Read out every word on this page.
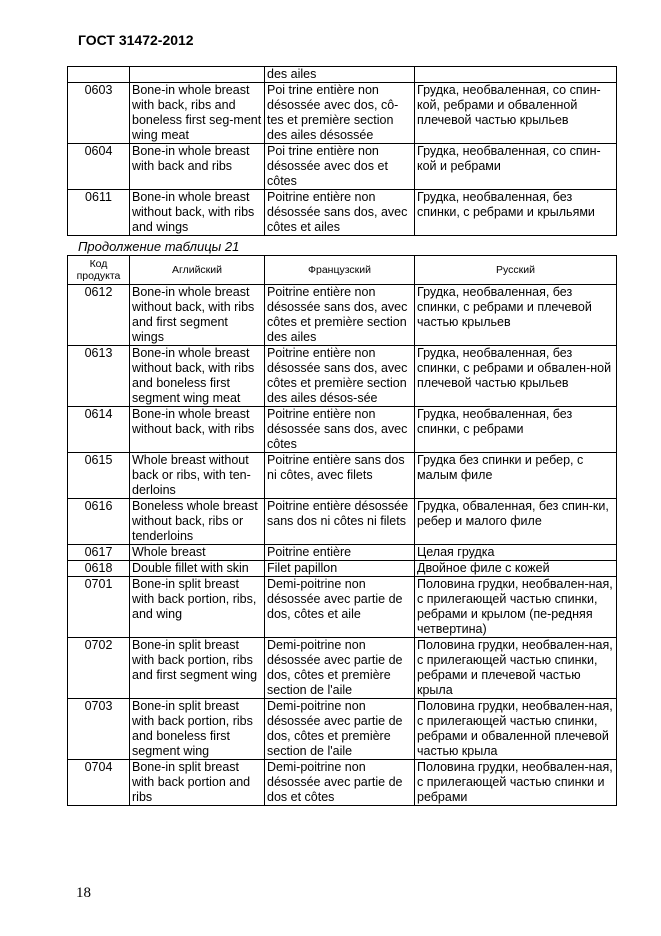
ГОСТ 31472-2012
		des ailes	
0603	Bone-in whole breast with back, ribs and boneless first seg-ment wing meat	Poi trine entière non désossée avec dos, cô-tes et première section des ailes désossée	Грудка, необваленная, со спин-кой, ребрами и обваленной плечевой частью крыльев
0604	Bone-in whole breast with back and ribs	Poi trine entière non désossée avec dos et côtes	Грудка, необваленная, со спин-кой и ребрами
0611	Bone-in whole breast without back, with ribs and wings	Poitrine entière non désossée sans dos, avec côtes et ailes	Грудка, необваленная, без спинки, с ребрами и крыльями
Продолжение таблицы 21
Код продукта	Аглийский	Французский	Русский
0612	Bone-in whole breast without back, with ribs and first segment wings	Poitrine entière non désossée sans dos, avec côtes et première section des ailes	Грудка, необваленная, без спинки, с ребрами и плечевой частью крыльев
0613	Bone-in whole breast without back, with ribs and boneless first segment wing meat	Poitrine entière non désossée sans dos, avec côtes et première section des ailes désos-sée	Грудка, необваленная, без спинки, с ребрами и обвален-ной плечевой частью крыльев
0614	Bone-in whole breast without back, with ribs	Poitrine entière non désossée sans dos, avec côtes	Грудка, необваленная, без спинки, с ребрами
0615	Whole breast without back or ribs, with ten-derloins	Poitrine entière sans dos ni côtes, avec filets	Грудка без спинки и ребер, с малым филе
0616	Boneless whole breast without back, ribs or tenderloins	Poitrine entière désossée sans dos ni côtes ni filets	Грудка, обваленная, без спин-ки, ребер и малого филе
0617	Whole breast	Poitrine entière	Целая грудка
0618	Double fillet with skin	Filet papillon	Двойное филе с кожей
0701	Bone-in split breast with back portion, ribs, and wing	Demi-poitrine non désossée avec partie de dos, côtes et aile	Половина грудки, необвален-ная, с прилегающей частью спинки, ребрами и крылом (пе-редняя четвертина)
0702	Bone-in split breast with back portion, ribs and first segment wing	Demi-poitrine non désossée avec partie de dos, côtes et première section de l'aile	Половина грудки, необвален-ная, с прилегающей частью спинки, ребрами и плечевой частью крыла
0703	Bone-in split breast with back portion, ribs and boneless first segment wing	Demi-poitrine non désossée avec partie de dos, côtes et première section de l'aile	Половина грудки, необвален-ная, с прилегающей частью спинки, ребрами и обваленной плечевой частью крыла
0704	Bone-in split breast with back portion and ribs	Demi-poitrine non désossée avec partie de dos et côtes	Половина грудки, необвален-ная, с прилегающей частью спинки и ребрами
18
